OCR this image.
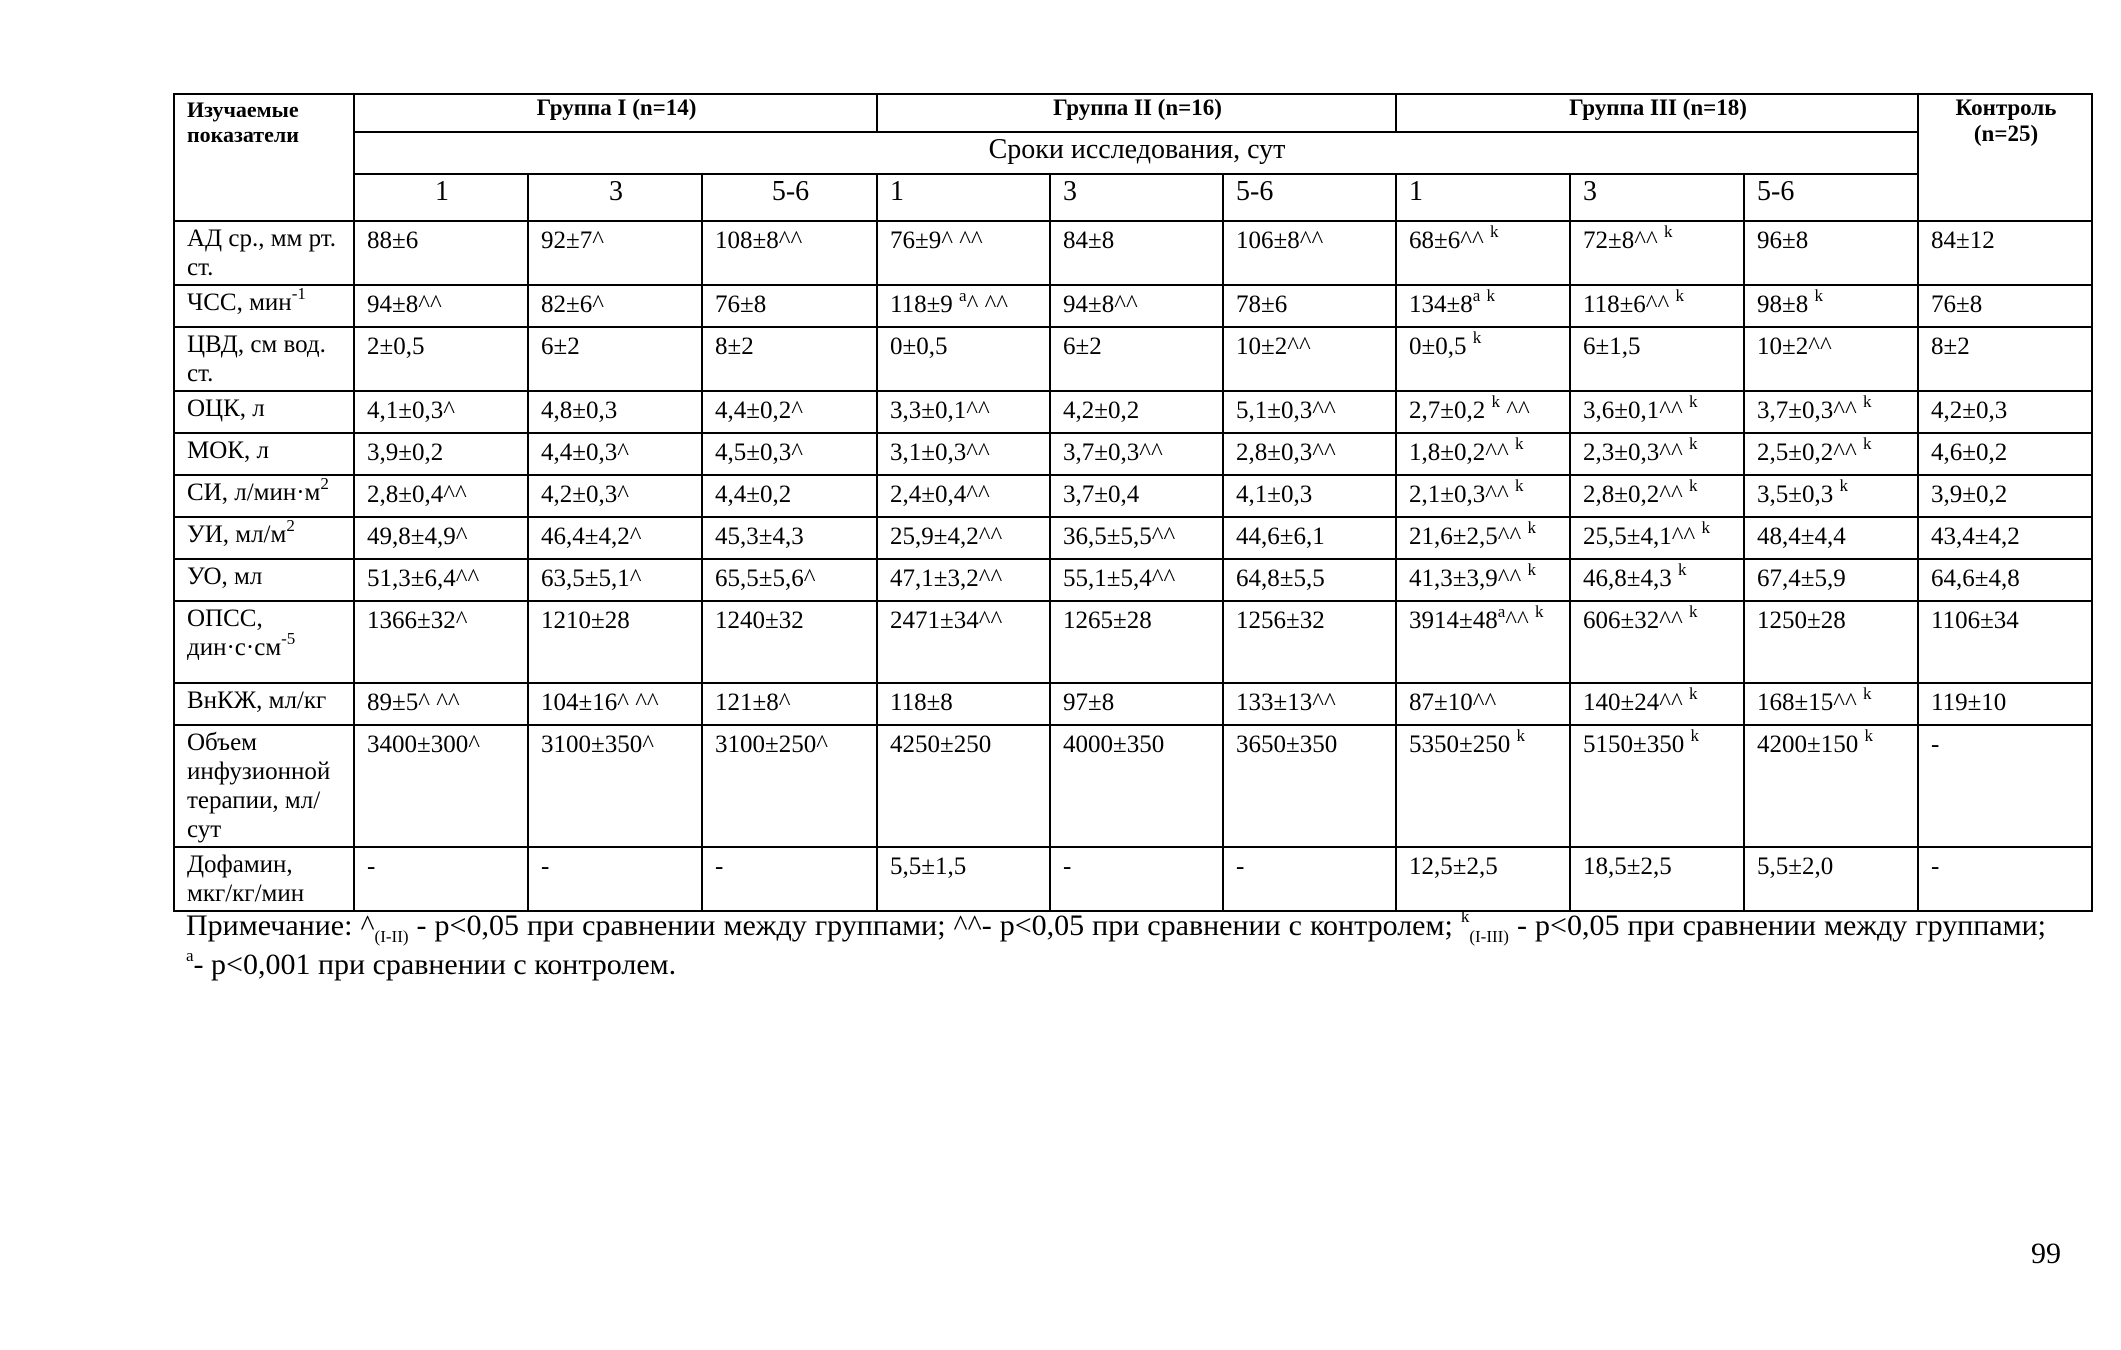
Изучаемые показатели	Группа I (n=14)			Группа II (n=16)			Группа III (n=18)			Контроль (n=25)
	Сроки исследования, сут									
	1	3	5-6	1	3	5-6	1	3	5-6	
АД ср., мм рт. ст.	88±6	92±7^	108±8^^	76±9^ ^^	84±8	106±8^^	68±6^^ $^k$	72±8^^ $^k$	96±8	84±12
ЧСС, мин$^{-1}$	94±8^^	82±6^	76±8	118±9 $^a$^ ^^	94±8^^	78±6	$134\pm 8^a$ $^k$	118±6^^ $^k$	98±8 $^k$	76±8
ЦВД, см вод. ст.	2±0,5	6±2	8±2	0±0,5	6±2	10±2^^	0±0,5 $^k$	6±1,5	10±2^^	8±2
ОЦК, л	4,1±0,3^	4,8±0,3	4,4±0,2^	3,3±0,1^^	4,2±0,2	5,1±0,3^^	2,7±0,2 $^k$ ^^	3,6±0,1^^ $^k$	3,7±0,3^^ $^k$	4,2±0,3
МОК, л	3,9±0,2	4,4±0,3^	4,5±0,3^	3,1±0,3^^	3,7±0,3^^	2,8±0,3^^	1,8±0,2^^ $^k$	2,3±0,3^^ $^k$	2,5±0,2^^ $^k$	4,6±0,2
СИ, $л/мин\cdot м^2$	2,8±0,4^^	4,2±0,3^	4,4±0,2	2,4±0,4^^	3,7±0,4	4,1±0,3	2,1±0,3^^ $^k$	2,8±0,2^^ $^k$	3,5±0,3 $^k$	3,9±0,2
УИ, $мл/м^2$	49,8±4,9^	46,4±4,2^	45,3±4,3	25,9±4,2^^	36,5±5,5^^	44,6±6,1	21,6±2,5^^ $^k$	25,5±4,1^^ $^k$	48,4±4,4	43,4±4,2
УО, мл	51,3±6,4^^	63,5±5,1^	65,5±5,6^	47,1±3,2^^	55,1±5,4^^	64,8±5,5	41,3±3,9^^ $^k$	46,8±4,3 $^k$	67,4±5,9	64,6±4,8
ОПСС, $дин\cdot с\cdot см^{-5}$	1366±32^	1210±28	1240±32	2471±34^^	1265±28	1256±32	$3914\pm 48^a\^{}\^{}$ $^k$	606±32^^ $^k$	1250±28	1106±34
ВнКЖ, мл/кг	89±5^ ^^	104±16^ ^^	121±8^	118±8	97±8	133±13^^	87±10^^	140±24^^ $^k$	168±15^^ $^k$	119±10
Объем инфузионной терапии, мл/сут	3400±300^	3100±350^	3100±250^	4250±250	4000±350	3650±350	5350±250 $^k$	5150±350 $^k$	4200±150 $^k$	-
Дофамин, мкг/кг/мин	-	-	-	5,5±1,5	-	-	12,5±2,5	18,5±2,5	5,5±2,0	-
Примечание: $\^{}_{(I-II)} - р<0,05$ при сравнении между группами; ^^- р<0,05 при сравнении с контролем; $^k_{(I-III)}$ - р<0,05 при сравнении между группами; $^a$- р<0,001 при сравнении с контролем.
99
